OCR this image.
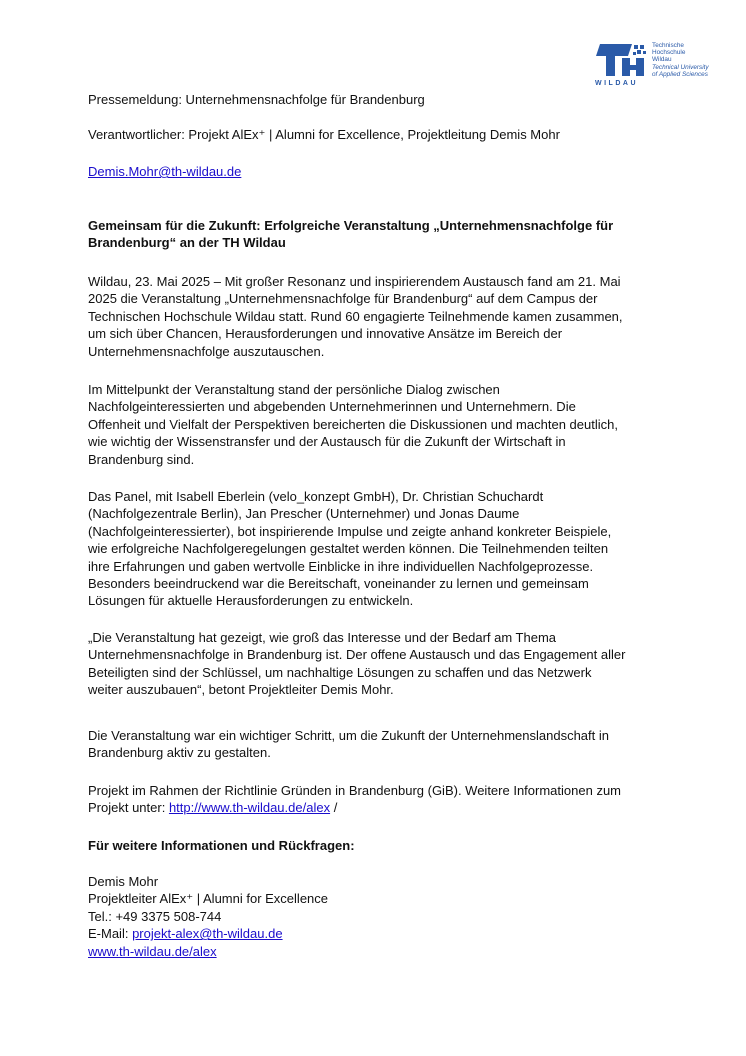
WILDAU
Technische
Hochschule
Wildau
Technical University
of Applied Sciences
Pressemeldung: Unternehmensnachfolge für Brandenburg
Verantwortlicher: Projekt AlEx⁺ | Alumni for Excellence, Projektleitung Demis Mohr
Demis.Mohr@th-wildau.de
Gemeinsam für die Zukunft: Erfolgreiche Veranstaltung „Unternehmensnachfolge für
Brandenburg“ an der TH Wildau
Wildau, 23. Mai 2025 – Mit großer Resonanz und inspirierendem Austausch fand am 21. Mai
2025 die Veranstaltung „Unternehmensnachfolge für Brandenburg“ auf dem Campus der
Technischen Hochschule Wildau statt. Rund 60 engagierte Teilnehmende kamen zusammen,
um sich über Chancen, Herausforderungen und innovative Ansätze im Bereich der
Unternehmensnachfolge auszutauschen.
Im Mittelpunkt der Veranstaltung stand der persönliche Dialog zwischen
Nachfolgeinteressierten und abgebenden Unternehmerinnen und Unternehmern. Die
Offenheit und Vielfalt der Perspektiven bereicherten die Diskussionen und machten deutlich,
wie wichtig der Wissenstransfer und der Austausch für die Zukunft der Wirtschaft in
Brandenburg sind.
Das Panel, mit Isabell Eberlein (velo_konzept GmbH), Dr. Christian Schuchardt
(Nachfolgezentrale Berlin), Jan Prescher (Unternehmer) und Jonas Daume
(Nachfolgeinteressierter), bot inspirierende Impulse und zeigte anhand konkreter Beispiele,
wie erfolgreiche Nachfolgeregelungen gestaltet werden können. Die Teilnehmenden teilten
ihre Erfahrungen und gaben wertvolle Einblicke in ihre individuellen Nachfolgeprozesse.
Besonders beeindruckend war die Bereitschaft, voneinander zu lernen und gemeinsam
Lösungen für aktuelle Herausforderungen zu entwickeln.
„Die Veranstaltung hat gezeigt, wie groß das Interesse und der Bedarf am Thema
Unternehmensnachfolge in Brandenburg ist. Der offene Austausch und das Engagement aller
Beteiligten sind der Schlüssel, um nachhaltige Lösungen zu schaffen und das Netzwerk
weiter auszubauen“, betont Projektleiter Demis Mohr.
Die Veranstaltung war ein wichtiger Schritt, um die Zukunft der Unternehmenslandschaft in
Brandenburg aktiv zu gestalten.
Projekt im Rahmen der Richtlinie Gründen in Brandenburg (GiB). Weitere Informationen zum
Projekt unter: http://www.th-wildau.de/alex /
Für weitere Informationen und Rückfragen:
Demis Mohr
Projektleiter AlEx⁺ | Alumni for Excellence
Tel.: +49 3375 508-744
E-Mail: projekt-alex@th-wildau.de
www.th-wildau.de/alex
